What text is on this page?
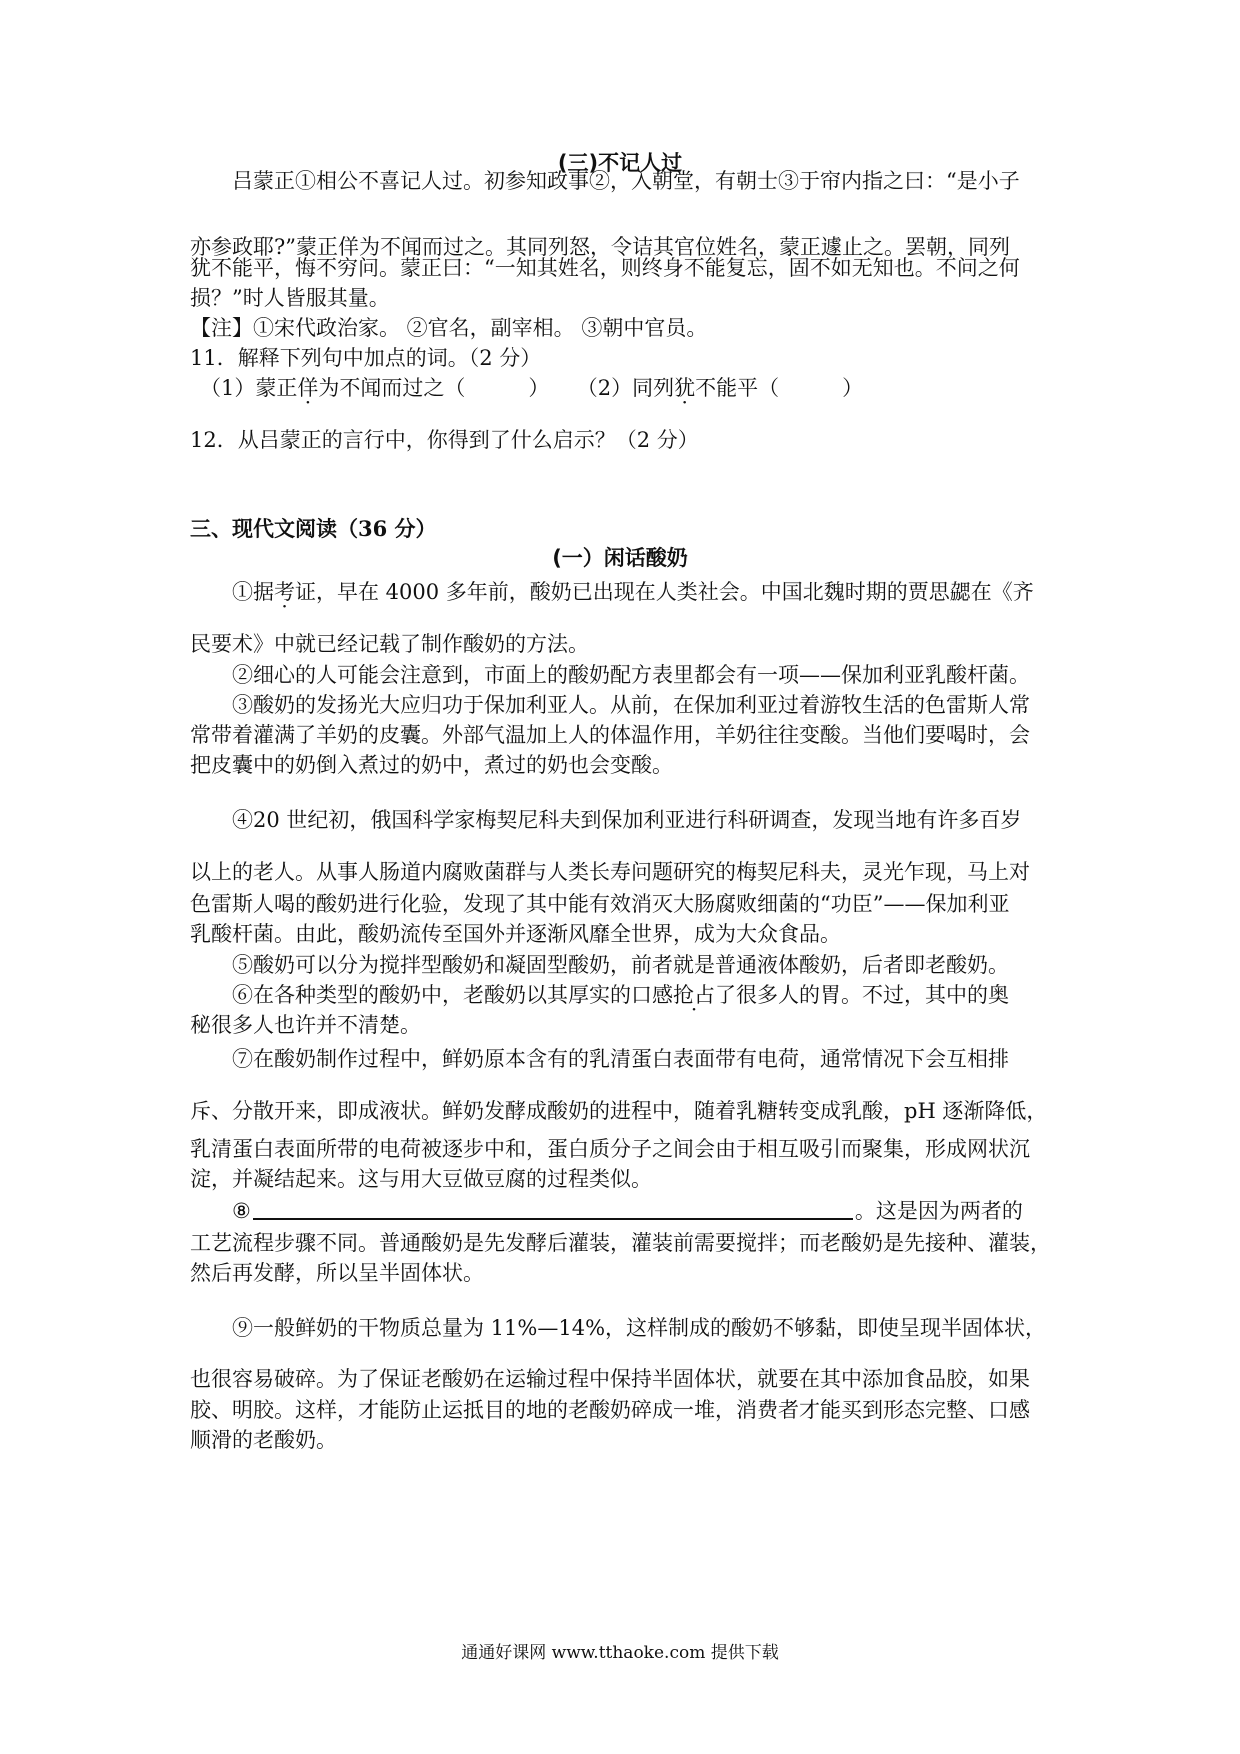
(三)不记人过
吕蒙正①相公不喜记人过。初参知政事②，入朝堂，有朝士③于帘内指之曰：“是小子
亦参政耶?”蒙正佯为不闻而过之。其同列怒，令诘其官位姓名，蒙正遽止之。罢朝，同列
犹不能平，悔不穷问。蒙正曰：“一知其姓名，则终身不能复忘，固不如无知也。不问之何
损？”时人皆服其量。
【注】①宋代政治家。 ②官名，副宰相。 ③朝中官员。
11．解释下列句中加点的词。（2 分）
（1）蒙正佯为不闻而过之（　　　） （2）同列犹不能平（　　　）
12．从吕蒙正的言行中，你得到了什么启示？（2 分）
三、现代文阅读（36 分）
(一）闲话酸奶
①据考证，早在 4000 多年前，酸奶已出现在人类社会。中国北魏时期的贾思勰在《齐
民要术》中就已经记载了制作酸奶的方法。
②细心的人可能会注意到，市面上的酸奶配方表里都会有一项——保加利亚乳酸杆菌。
③酸奶的发扬光大应归功于保加利亚人。从前，在保加利亚过着游牧生活的色雷斯人常
常带着灌满了羊奶的皮囊。外部气温加上人的体温作用，羊奶往往变酸。当他们要喝时，会
把皮囊中的奶倒入煮过的奶中，煮过的奶也会变酸。
④20 世纪初，俄国科学家梅契尼科夫到保加利亚进行科研调查，发现当地有许多百岁
以上的老人。从事人肠道内腐败菌群与人类长寿问题研究的梅契尼科夫，灵光乍现，马上对
色雷斯人喝的酸奶进行化验，发现了其中能有效消灭大肠腐败细菌的“功臣”——保加利亚
乳酸杆菌。由此，酸奶流传至国外并逐渐风靡全世界，成为大众食品。
⑤酸奶可以分为搅拌型酸奶和凝固型酸奶，前者就是普通液体酸奶，后者即老酸奶。
⑥在各种类型的酸奶中，老酸奶以其厚实的口感抢占了很多人的胃。不过，其中的奥
秘很多人也许并不清楚。
⑦在酸奶制作过程中，鲜奶原本含有的乳清蛋白表面带有电荷，通常情况下会互相排
斥、分散开来，即成液状。鲜奶发酵成酸奶的进程中，随着乳糖转变成乳酸，pH 逐渐降低，
乳清蛋白表面所带的电荷被逐步中和，蛋白质分子之间会由于相互吸引而聚集，形成网状沉
淀，并凝结起来。这与用大豆做豆腐的过程类似。
⑧	。这是因为两者的
工艺流程步骤不同。普通酸奶是先发酵后灌装，灌装前需要搅拌；而老酸奶是先接种、灌装，
然后再发酵，所以呈半固体状。
⑨一般鲜奶的干物质总量为 11%—14%，这样制成的酸奶不够黏，即使呈现半固体状，
也很容易破碎。为了保证老酸奶在运输过程中保持半固体状，就要在其中添加食品胶，如果
胶、明胶。这样，才能防止运抵目的地的老酸奶碎成一堆，消费者才能买到形态完整、口感
顺滑的老酸奶。
通通好课网 www.tthaoke.com 提供下载
